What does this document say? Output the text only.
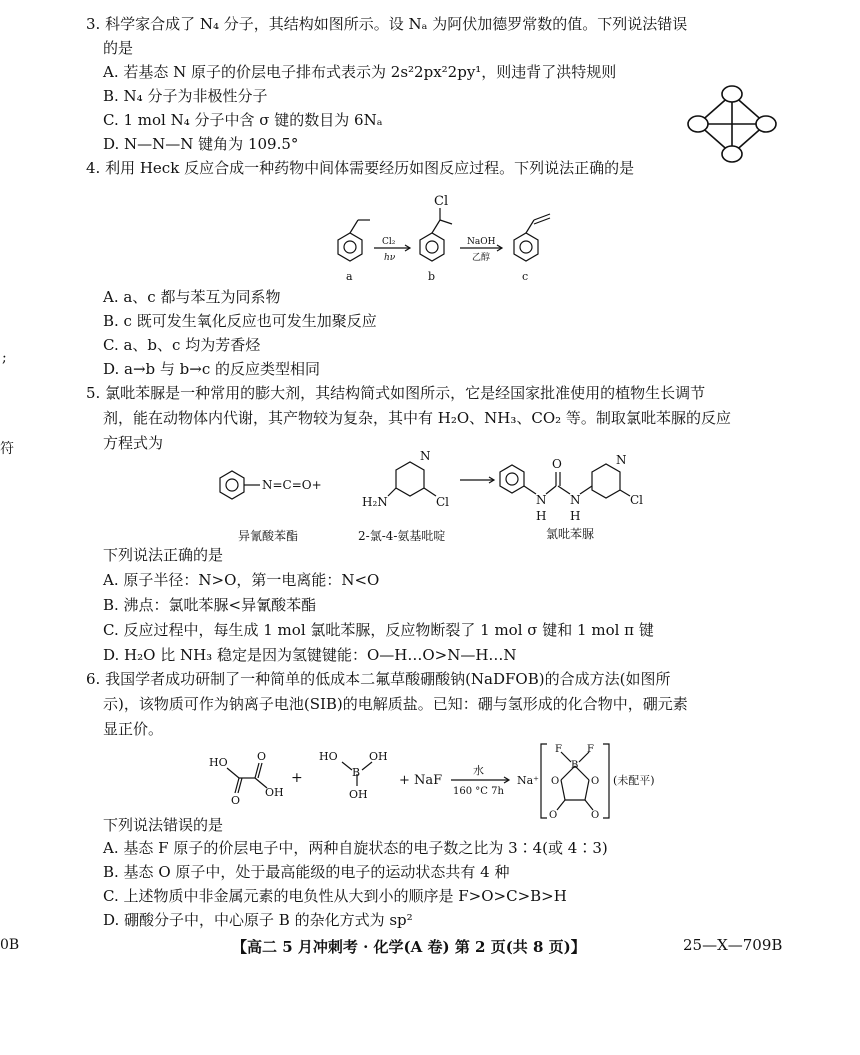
;
符
0B
3. 科学家合成了 N₄ 分子，其结构如图所示。设 Nₐ 为阿伏加德罗常数的值。下列说法错误
的是
A. 若基态 N 原子的价层电子排布式表示为 2s²2px²2py¹，则违背了洪特规则
B. N₄ 分子为非极性分子
C. 1 mol N₄ 分子中含 σ 键的数目为 6Nₐ
D. N—N—N 键角为 109.5°
4. 利用 Heck 反应合成一种药物中间体需要经历如图反应过程。下列说法正确的是
Cl
Cl₂
hν
NaOH
乙醇
a	b	c
A. a、c 都与苯互为同系物
B. c 既可发生氧化反应也可发生加聚反应
C. a、b、c 均为芳香烃
D. a→b 与 b→c 的反应类型相同
5. 氯吡苯脲是一种常用的膨大剂，其结构简式如图所示，它是经国家批准使用的植物生长调节
剂，能在动物体内代谢，其产物较为复杂，其中有 H₂O、NH₃、CO₂ 等。制取氯吡苯脲的反应
方程式为
N=C=O+
N
H₂N	Cl
O
N N
H H
N
Cl
异氰酸苯酯	2-氯-4-氨基吡啶	氯吡苯脲
下列说法正确的是
A. 原子半径：N>O，第一电离能：N<O
B. 沸点：氯吡苯脲<异氰酸苯酯
C. 反应过程中，每生成 1 mol 氯吡苯脲，反应物断裂了 1 mol σ 键和 1 mol π 键
D. H₂O 比 NH₃ 稳定是因为氢键键能：O—H…O>N—H…N
6. 我国学者成功研制了一种简单的低成本二氟草酸硼酸钠(NaDFOB)的合成方法(如图所
示)，该物质可作为钠离子电池(SIB)的电解质盐。已知：硼与氢形成的化合物中，硼元素
显正价。
HO
O
O
OH
+
HO
B
OH
OH
+ NaF
水
160 °C 7h
Na⁺
F	F
B
O	O
O	O
(未配平)
下列说法错误的是
A. 基态 F 原子的价层电子中，两种自旋状态的电子数之比为 3∶4(或 4∶3)
B. 基态 O 原子中，处于最高能级的电子的运动状态共有 4 种
C. 上述物质中非金属元素的电负性从大到小的顺序是 F>O>C>B>H
D. 硼酸分子中，中心原子 B 的杂化方式为 sp²
【高二 5 月冲刺考 · 化学(A 卷) 第 2 页(共 8 页)】	25—X—709B
